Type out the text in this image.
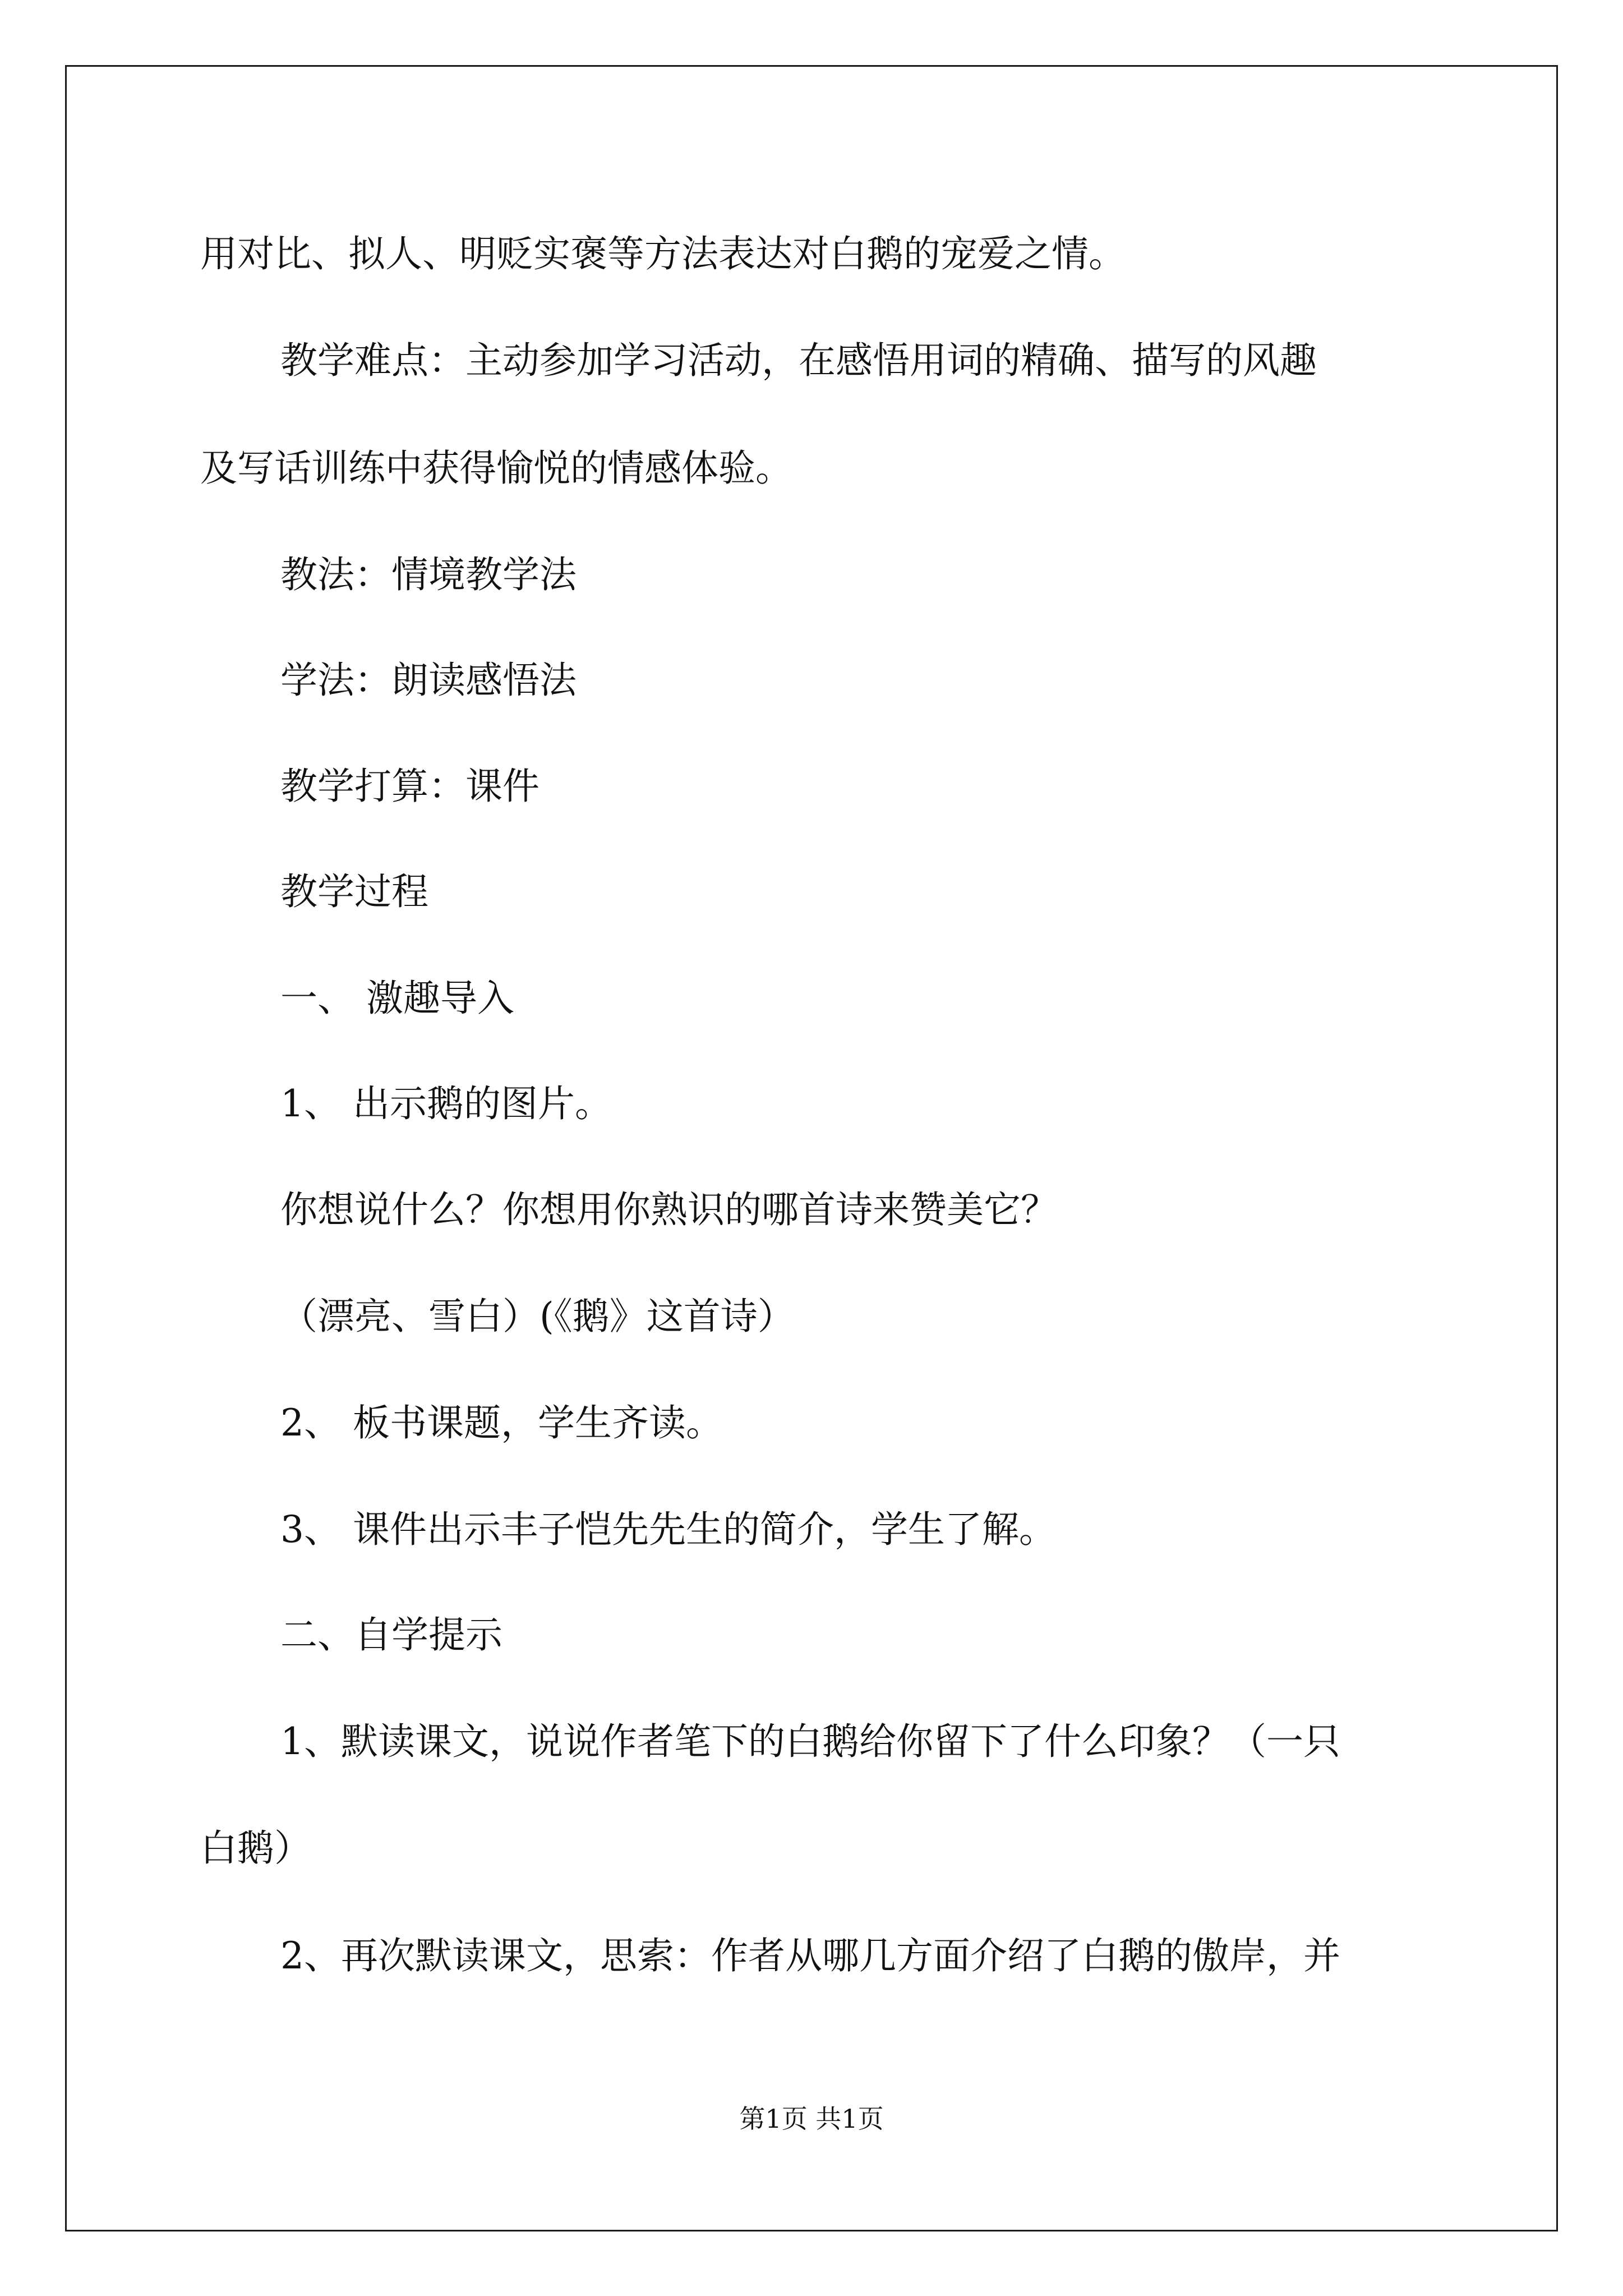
用对比、拟人、明贬实褒等方法表达对白鹅的宠爱之情。
教学难点：主动参加学习活动，在感悟用词的精确、描写的风趣
及写话训练中获得愉悦的情感体验。
教法：情境教学法
学法：朗读感悟法
教学打算：课件
教学过程
一、 激趣导入
1、 出示鹅的图片。
你想说什么？你想用你熟识的哪首诗来赞美它？
（漂亮、雪白）(《鹅》这首诗）
2、 板书课题，学生齐读。
3、 课件出示丰子恺先先生的简介，学生了解。
二、自学提示
1、默读课文，说说作者笔下的白鹅给你留下了什么印象？（一只
白鹅）
2、再次默读课文，思索：作者从哪几方面介绍了白鹅的傲岸，并
第1页 共1页
